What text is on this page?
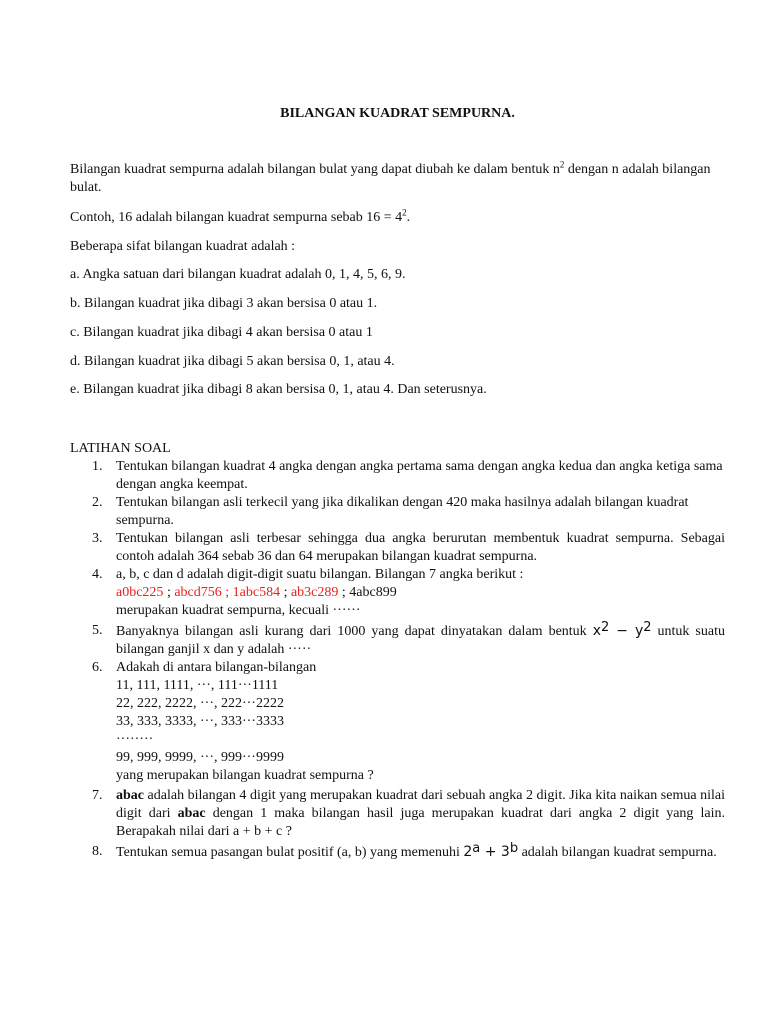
BILANGAN KUADRAT SEMPURNA.

Bilangan kuadrat sempurna adalah bilangan bulat yang dapat diubah ke dalam bentuk $n^2$ dengan n adalah bilangan bulat.

Contoh, 16 adalah bilangan kuadrat sempurna sebab $16 = 4^2$.

Beberapa sifat bilangan kuadrat adalah :

a. Angka satuan dari bilangan kuadrat adalah 0, 1, 4, 5, 6, 9.

b. Bilangan kuadrat jika dibagi 3 akan bersisa 0 atau 1.

c. Bilangan kuadrat jika dibagi 4 akan bersisa 0 atau 1

d. Bilangan kuadrat jika dibagi 5 akan bersisa 0, 1, atau 4.

e. Bilangan kuadrat jika dibagi 8 akan bersisa 0, 1, atau 4. Dan seterusnya.

LATIHAN SOAL
1. Tentukan bilangan kuadrat 4 angka dengan angka pertama sama dengan angka kedua dan angka ketiga sama dengan angka keempat.
2. Tentukan bilangan asli terkecil yang jika dikalikan dengan 420 maka hasilnya adalah bilangan kuadrat sempurna.
3. Tentukan bilangan asli terbesar sehingga dua angka berurutan membentuk kuadrat sempurna. Sebagai contoh adalah 364 sebab 36 dan 64 merupakan bilangan kuadrat sempurna.
4. a, b, c dan d adalah digit-digit suatu bilangan. Bilangan 7 angka berikut :
a0bc225 ; abcd756 ; 1abc584 ; ab3c289 ; 4abc899
merupakan kuadrat sempurna, kecuali ······
5. Banyaknya bilangan asli kurang dari 1000 yang dapat dinyatakan dalam bentuk $x^2 - y^2$ untuk suatu bilangan ganjil x dan y adalah ·····
6. Adakah di antara bilangan-bilangan
11, 111, 1111, ···, 111···1111
22, 222, 2222, ···, 222···2222
33, 333, 3333, ···, 333···3333
········
99, 999, 9999, ···, 999···9999
yang merupakan bilangan kuadrat sempurna ?
7. abac adalah bilangan 4 digit yang merupakan kuadrat dari sebuah angka 2 digit. Jika kita naikan semua nilai digit dari abac dengan 1 maka bilangan hasil juga merupakan kuadrat dari angka 2 digit yang lain. Berapakah nilai dari a + b + c ?
8. Tentukan semua pasangan bulat positif (a, b) yang memenuhi $2^a + 3^b$ adalah bilangan kuadrat sempurna.
